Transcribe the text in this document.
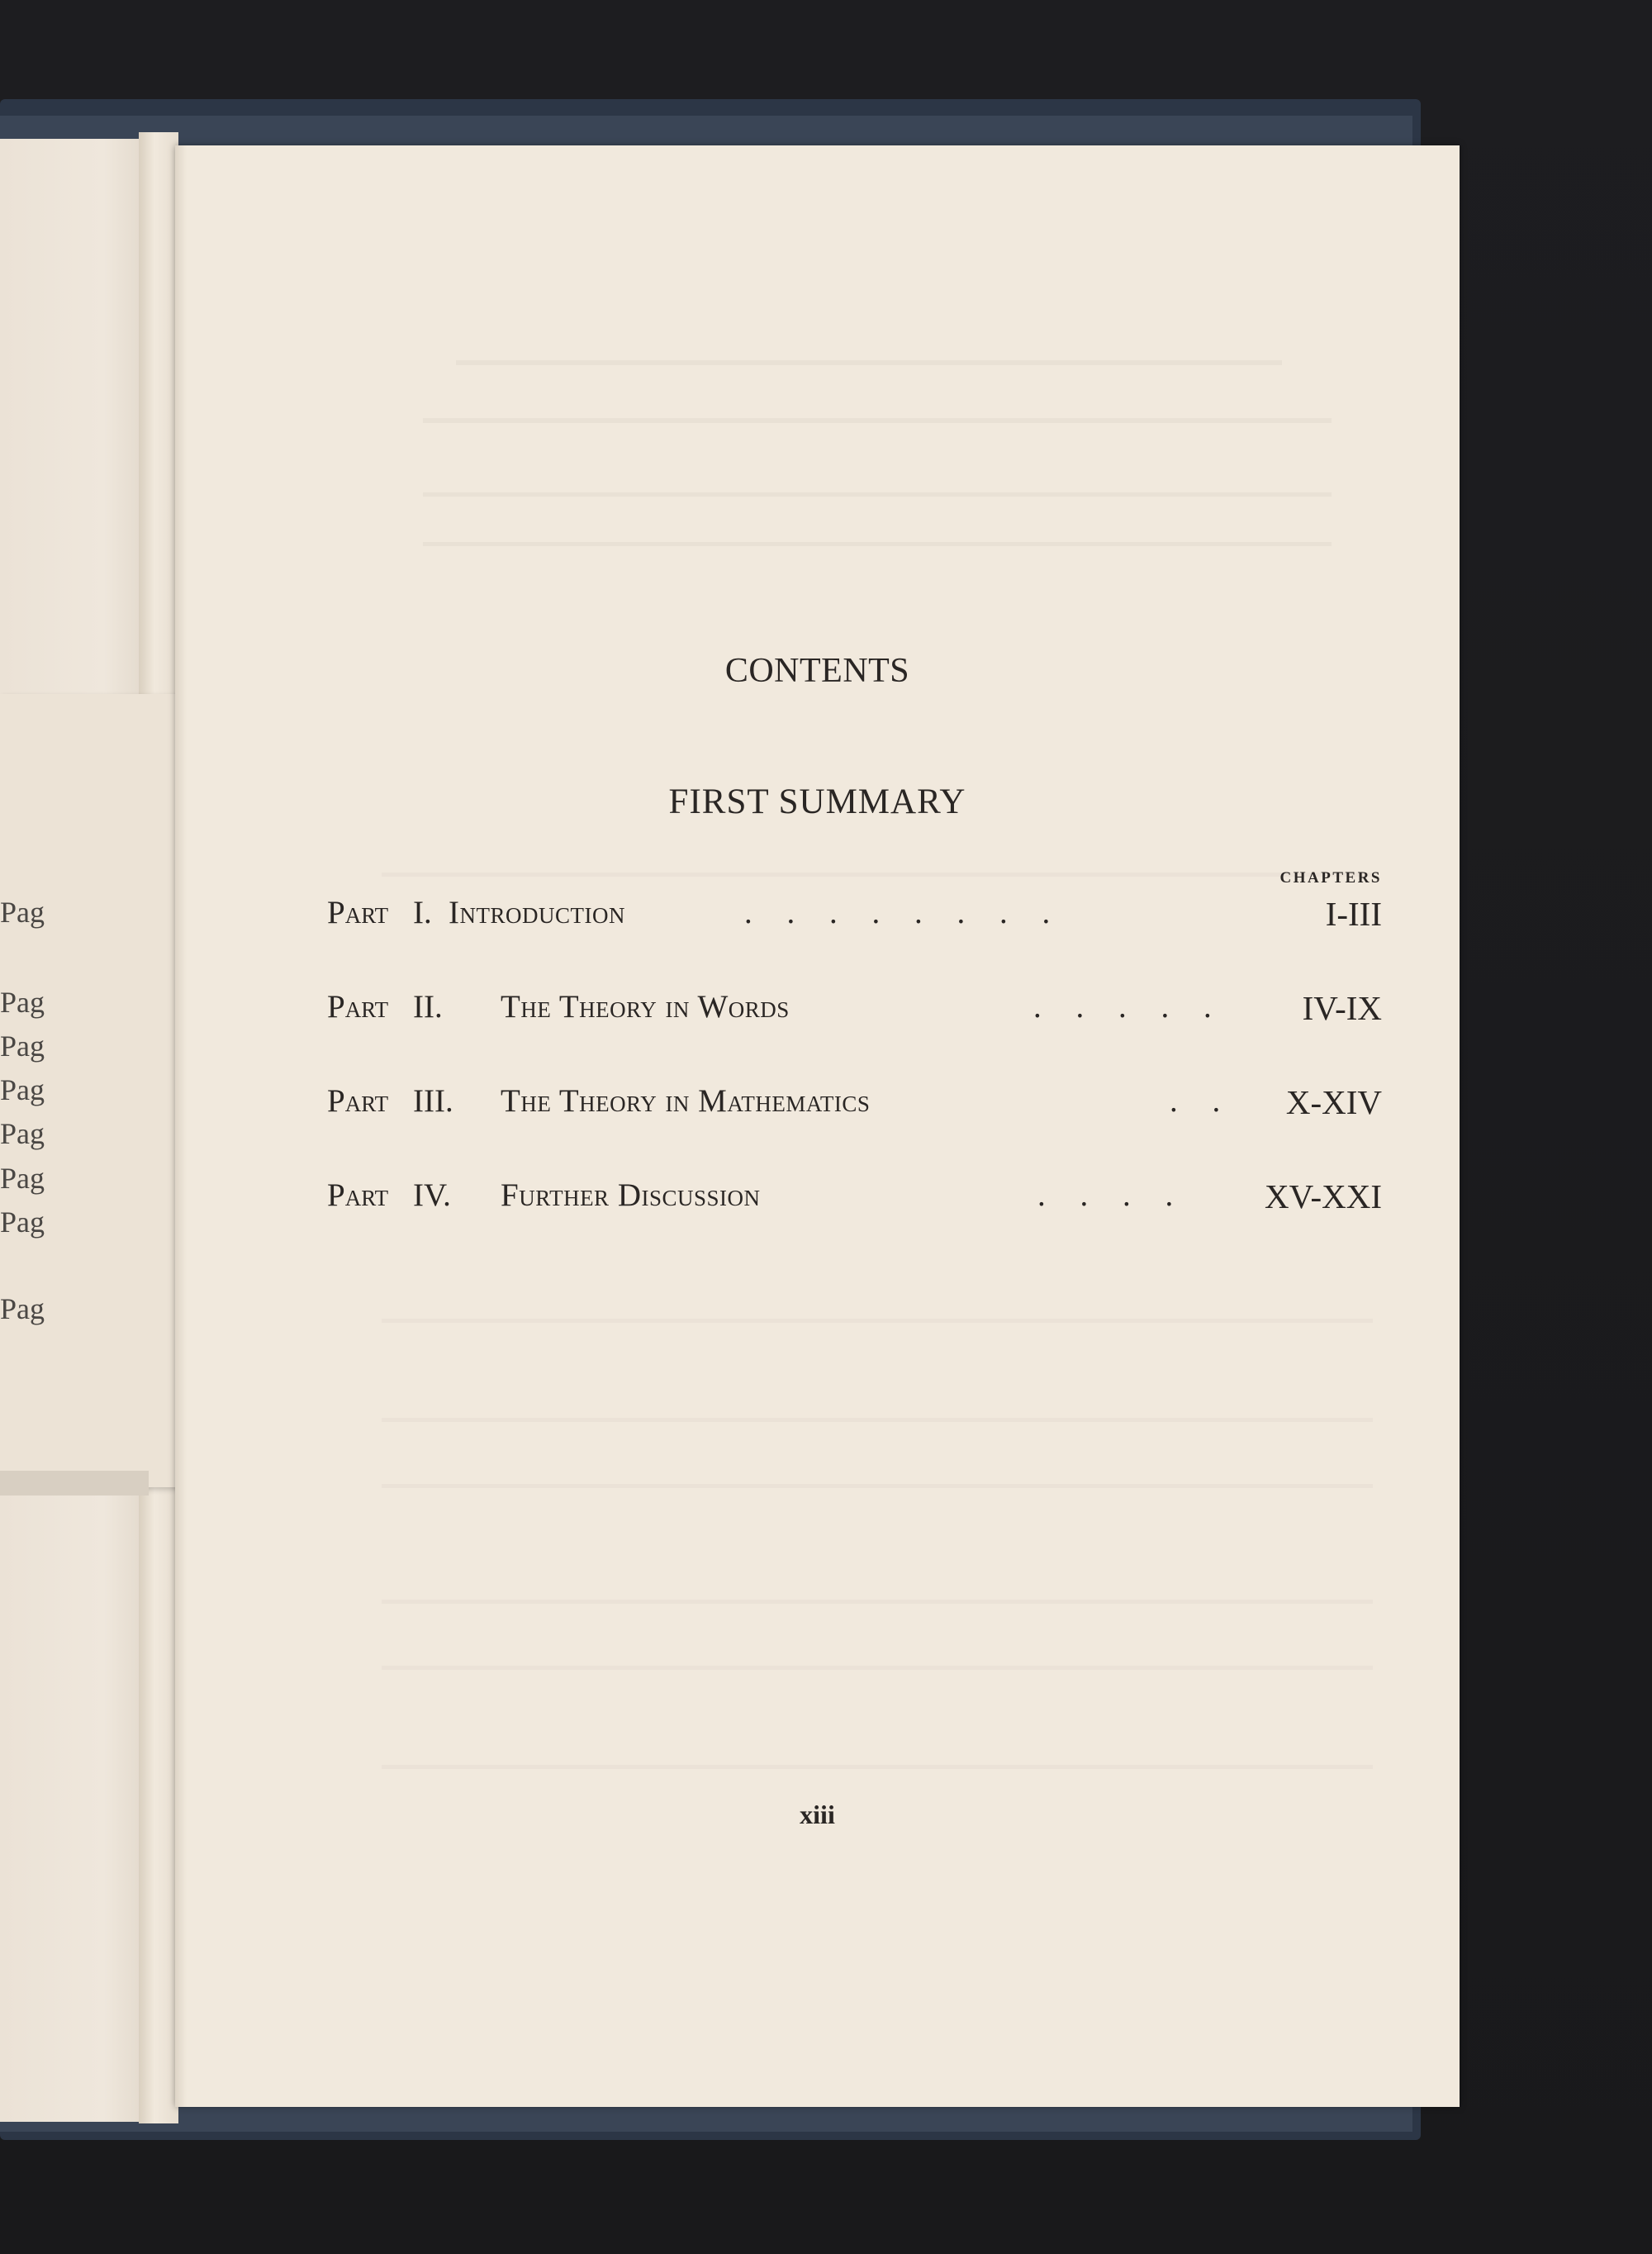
Pag
Pag
Pag
Pag
Pag
Pag
Pag
Pag
CONTENTS
FIRST SUMMARY
CHAPTERS
Part I. Introduction	. . . . . . . .	I-III
Part II. The Theory in Words	. . . . . IV-IX
Part III. The Theory in Mathematics	. . X-XIV
Part IV. Further Discussion	. . . . XV-XXI
xiii
